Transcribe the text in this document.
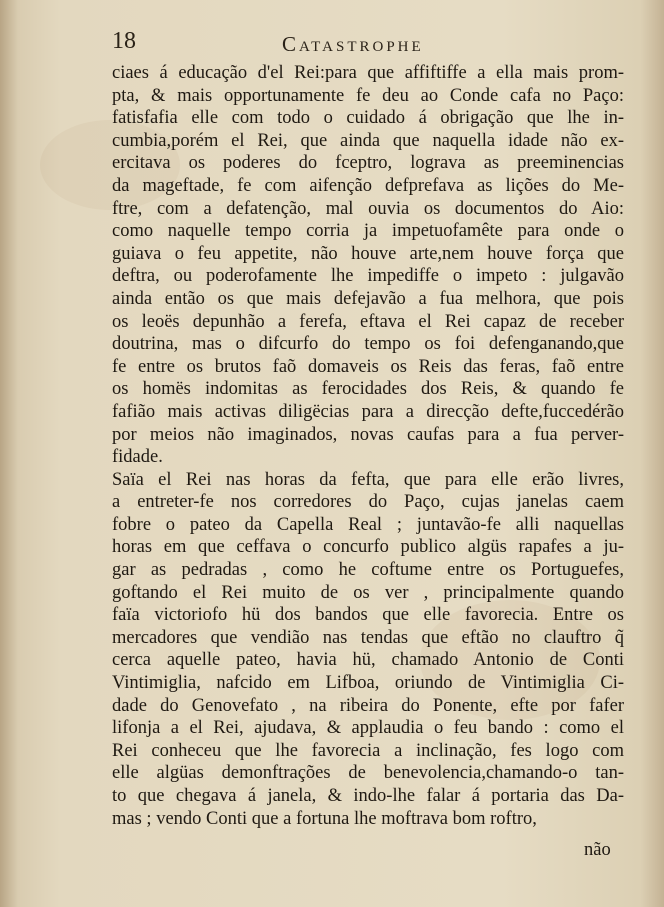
18	Catastrophe
ciaes á educação d'el Rei:para que affiftiffe a ella mais prom-
pta, & mais opportunamente fe deu ao Conde cafa no Paço:
fatisfafia elle com todo o cuidado á obrigação que lhe in-
cumbia,porém el Rei, que ainda que naquella idade não ex-
ercitava os poderes do fceptro, lograva as preeminencias
da mageftade, fe com aifenção defprefava as lições do Me-
ftre, com a defatenção, mal ouvia os documentos do Aio:
como naquelle tempo corria ja impetuofamête para onde o
guiava o feu appetite, não houve arte,nem houve força que
deftra, ou poderofamente lhe impediffe o impeto : julgavão
ainda então os que mais defejavão a fua melhora, que pois
os leoës depunhão a ferefa, eftava el Rei capaz de receber
doutrina, mas o difcurfo do tempo os foi defenganando,que
fe entre os brutos faõ domaveis os Reis das feras, faõ entre
os homës indomitas as ferocidades dos Reis, & quando fe
fafião mais activas diligëcias para a direcção defte,fuccedérão
por meios não imaginados, novas caufas para a fua perver-
fidade.
Saïa el Rei nas horas da fefta, que para elle erão livres,
a entreter-fe nos corredores do Paço, cujas janelas caem
fobre o pateo da Capella Real ; juntavão-fe alli naquellas
horas em que ceffava o concurfo publico algüs rapafes a ju-
gar as pedradas , como he coftume entre os Portuguefes,
goftando el Rei muito de os ver , principalmente quando
faïa victoriofo hü dos bandos que elle favorecia. Entre os
mercadores que vendião nas tendas que eftão no clauftro q̃
cerca aquelle pateo, havia hü, chamado Antonio de Conti
Vintimiglia, nafcido em Lifboa, oriundo de Vintimiglia Ci-
dade do Genovefato , na ribeira do Ponente, efte por fafer
lifonja a el Rei, ajudava, & applaudia o feu bando : como el
Rei conheceu que lhe favorecia a inclinação, fes logo com
elle algüas demonftrações de benevolencia,chamando-o tan-
to que chegava á janela, & indo-lhe falar á portaria das Da-
mas ; vendo Conti que a fortuna lhe moftrava bom roftro,
não
